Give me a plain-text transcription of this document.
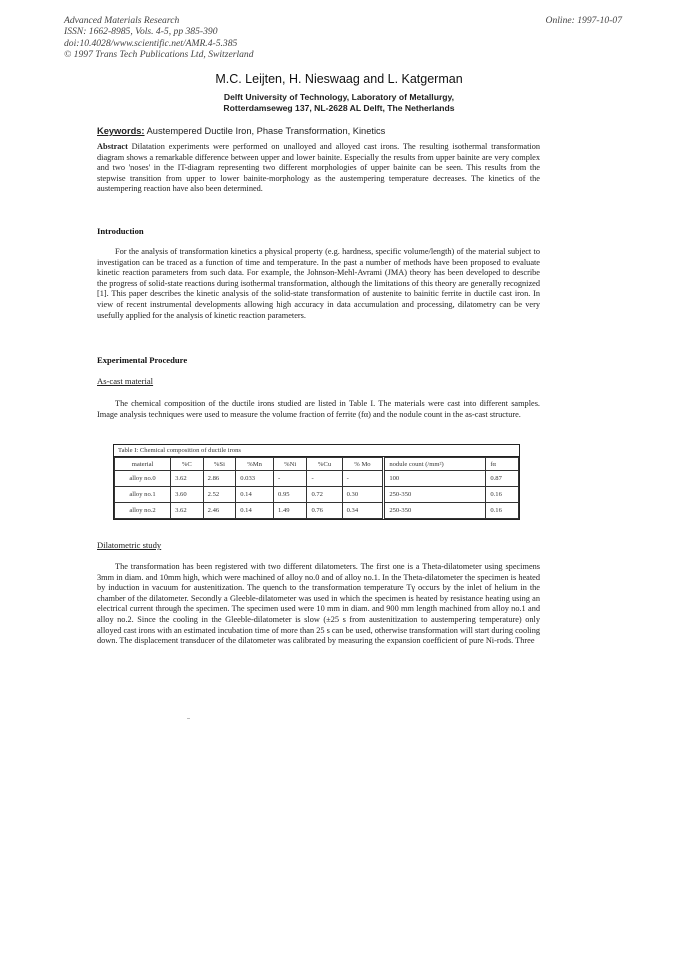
Advanced Materials Research
ISSN: 1662-8985, Vols. 4-5, pp 385-390
doi:10.4028/www.scientific.net/AMR.4-5.385
© 1997 Trans Tech Publications Ltd, Switzerland
Online: 1997-10-07
M.C. Leijten, H. Nieswaag and L. Katgerman
Delft University of Technology, Laboratory of Metallurgy,
Rotterdamseweg 137, NL-2628 AL Delft, The Netherlands
Keywords: Austempered Ductile Iron, Phase Transformation, Kinetics
Abstract Dilatation experiments were performed on unalloyed and alloyed cast irons. The resulting isothermal transformation diagram shows a remarkable difference between upper and lower bainite. Especially the results from upper bainite are very complex and two 'noses' in the IT-diagram representing two different morphologies of upper bainite can be seen. This results from the stepwise transition from upper to lower bainite-morphology as the austempering temperature decreases. The kinetics of the austempering reaction have also been determined.
Introduction
For the analysis of transformation kinetics a physical property (e.g. hardness, specific volume/length) of the material subject to investigation can be traced as a function of time and temperature. In the past a number of methods have been proposed to evaluate kinetic reaction parameters from such data. For example, the Johnson-Mehl-Avrami (JMA) theory has been developed to describe the progress of solid-state reactions during isothermal transformation, although the limitations of this theory are generally recognized [1]. This paper describes the kinetic analysis of the solid-state transformation of austenite to bainitic ferrite in ductile cast iron. In view of recent instrumental developments allowing high accuracy in data accumulation and processing, dilatometry can be very usefully applied for the analysis of kinetic reaction parameters.
Experimental Procedure
As-cast material
The chemical composition of the ductile irons studied are listed in Table I. The materials were cast into different samples. Image analysis techniques were used to measure the volume fraction of ferrite (fα) and the nodule count in the as-cast structure.
Table I: Chemical composition of ductile irons
material	%C	%Si	%Mn	%Ni	%Cu	% Mo	nodule count (/mm²)	fα
alloy no.0	3.62	2.86	0.033	-	-	-	100	0.87
alloy no.1	3.60	2.52	0.14	0.95	0.72	0.30	250-350	0.16
alloy no.2	3.62	2.46	0.14	1.49	0.76	0.34	250-350	0.16
Dilatometric study
The transformation has been registered with two different dilatometers. The first one is a Theta-dilatometer using specimens 3mm in diam. and 10mm high, which were machined of alloy no.0 and of alloy no.1. In the Theta-dilatometer the specimen is heated by induction in vacuum for austenitization. The quench to the transformation temperature Tγ occurs by the inlet of helium in the chamber of the dilatometer. Secondly a Gleeble-dilatometer was used in which the specimen is heated by resistance heating using an electrical current through the specimen. The specimen used were 10 mm in diam. and 900 mm length machined from alloy no.1 and alloy no.2. Since the cooling in the Gleeble-dilatometer is slow (±25 s from austenitization to austempering temperature) only alloyed cast irons with an estimated incubation time of more than 25 s can be used, otherwise transformation will start during cooling down. The displacement transducer of the dilatometer was calibrated by measuring the expansion coefficient of pure Ni-rods. Three
